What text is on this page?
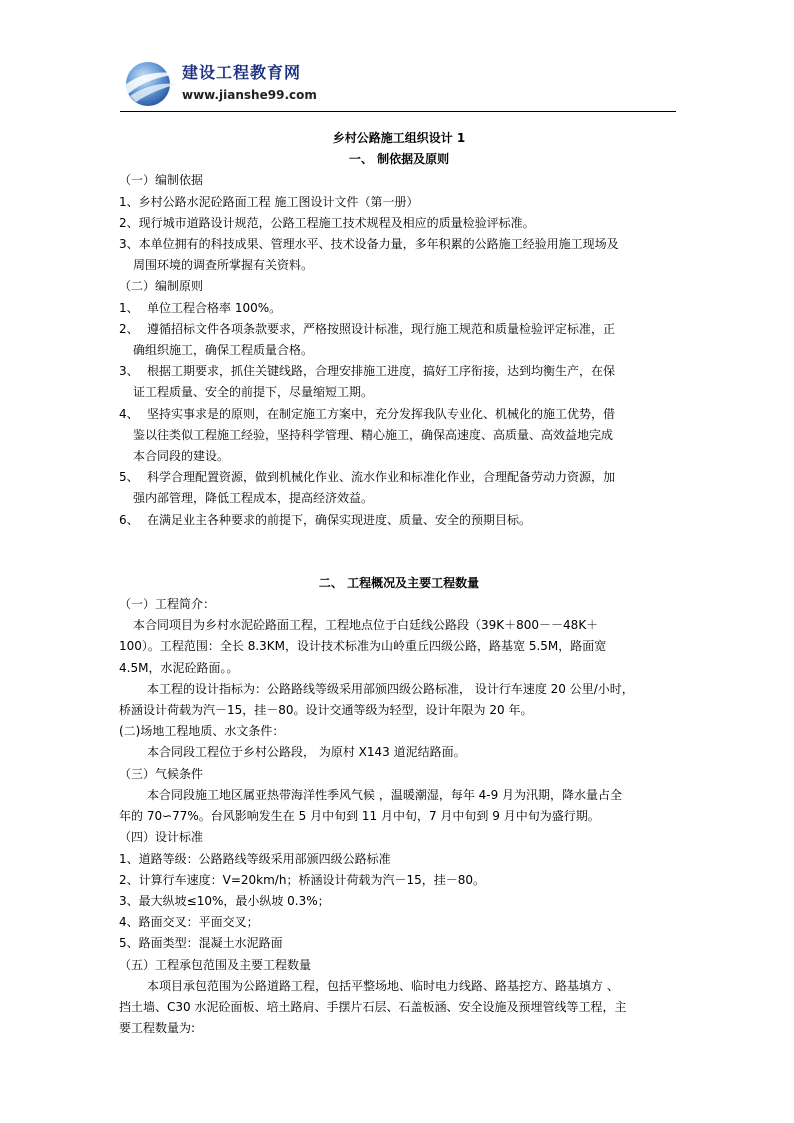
建设工程教育网
www.jianshe99.com

乡村公路施工组织设计 1

一、 制依据及原则

（一）编制依据

1、乡村公路水泥砼路面工程 施工图设计文件（第一册）

2、现行城市道路设计规范，公路工程施工技术规程及相应的质量检验评标准。

3、本单位拥有的科技成果、管理水平、技术设备力量，多年积累的公路施工经验用施工现场及

周围环境的调查所掌握有关资料。

（二）编制原则

1、 单位工程合格率 100%。

2、 遵循招标文件各项条款要求，严格按照设计标准，现行施工规范和质量检验评定标准，正

确组织施工，确保工程质量合格。

3、 根据工期要求，抓住关键线路，合理安排施工进度，搞好工序衔接，达到均衡生产，在保

证工程质量、安全的前提下，尽量缩短工期。

4、 坚持实事求是的原则，在制定施工方案中，充分发挥我队专业化、机械化的施工优势，借

鉴以往类似工程施工经验，坚持科学管理、精心施工，确保高速度、高质量、高效益地完成

本合同段的建设。

5、 科学合理配置资源，做到机械化作业、流水作业和标准化作业，合理配备劳动力资源，加

强内部管理，降低工程成本，提高经济效益。

6、 在满足业主各种要求的前提下，确保实现进度、质量、安全的预期目标。

二、 工程概况及主要工程数量

（一）工程简介：

本合同项目为乡村水泥砼路面工程，工程地点位于白廷线公路段（39K＋800－－48K＋

100）。工程范围：全长 8.3KM，设计技术标准为山岭重丘四级公路，路基宽 5.5M，路面宽

4.5M，水泥砼路面。。

本工程的设计指标为：公路路线等级采用部颁四级公路标准， 设计行车速度 20 公里/小时，

桥涵设计荷载为汽－15，挂－80。设计交通等级为轻型，设计年限为 20 年。

(二)场地工程地质、水文条件：

本合同段工程位于乡村公路段， 为原村 X143 道泥结路面。

（三）气候条件

本合同段施工地区属亚热带海洋性季风气候 ，温暖潮湿，每年 4-9 月为汛期，降水量占全

年的 70∽77%。台风影响发生在 5 月中旬到 11 月中旬，7 月中旬到 9 月中旬为盛行期。

（四）设计标准

1、道路等级：公路路线等级采用部颁四级公路标准

2、计算行车速度：V=20km/h；桥涵设计荷载为汽－15，挂－80。

3、最大纵坡≤10%，最小纵坡 0.3%；

4、路面交叉：平面交叉；

5、路面类型：混凝土水泥路面

（五）工程承包范围及主要工程数量

本项目承包范围为公路道路工程，包括平整场地、临时电力线路、路基挖方、路基填方 、

挡土墙、C30 水泥砼面板、培土路肩、手摆片石层、石盖板涵、安全设施及预埋管线等工程，主

要工程数量为:
